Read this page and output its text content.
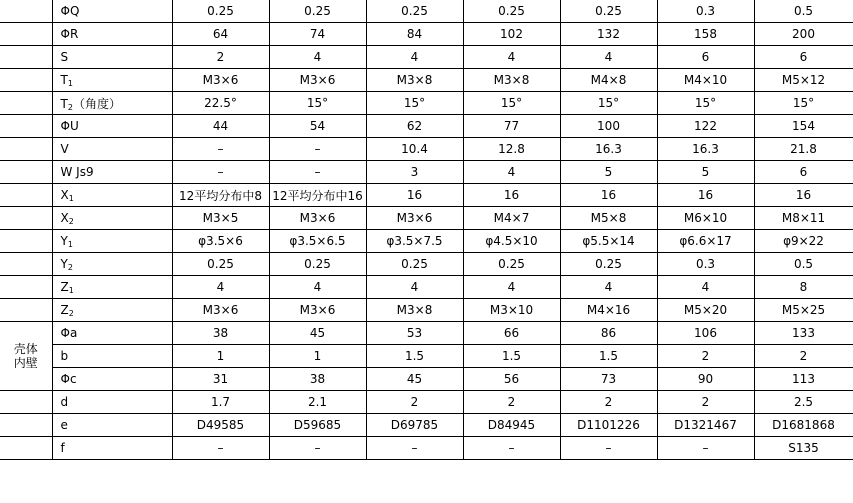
	ΦQ	0.25	0.25	0.25	0.25	0.25	0.3	0.5
	ΦR	64	74	84	102	132	158	200
	S	2	4	4	4	4	6	6
	$T_1$	M3×6	M3×6	M3×8	M3×8	M4×8	M4×10	M5×12
	$T_2$（角度）	22.5°	15°	15°	15°	15°	15°	15°
	ΦU	44	54	62	77	100	122	154
	V	–	–	10.4	12.8	16.3	16.3	21.8
	W Js9	–	–	3	4	5	5	6
	$X_1$	12平均分布中8	12平均分布中16	16	16	16	16	16
	$X_2$	M3×5	M3×6	M3×6	M4×7	M5×8	M6×10	M8×11
	$Y_1$	φ3.5×6	φ3.5×6.5	φ3.5×7.5	φ4.5×10	φ5.5×14	φ6.6×17	φ9×22
	$Y_2$	0.25	0.25	0.25	0.25	0.25	0.3	0.5
	$Z_1$	4	4	4	4	4	4	8
	$Z_2$	M3×6	M3×6	M3×8	M3×10	M4×16	M5×20	M5×25

壳体
内壁	Φa	38	45	53	66	86	106	133
	b	1	1	1.5	1.5	1.5	2	2
	Φc	31	38	45	56	73	90	113
	d	1.7	2.1	2	2	2	2	2.5
	e	D49585	D59685	D69785	D84945	D1101226	D1321467	D1681868
	f	–	–	–	–	–	–	S135
